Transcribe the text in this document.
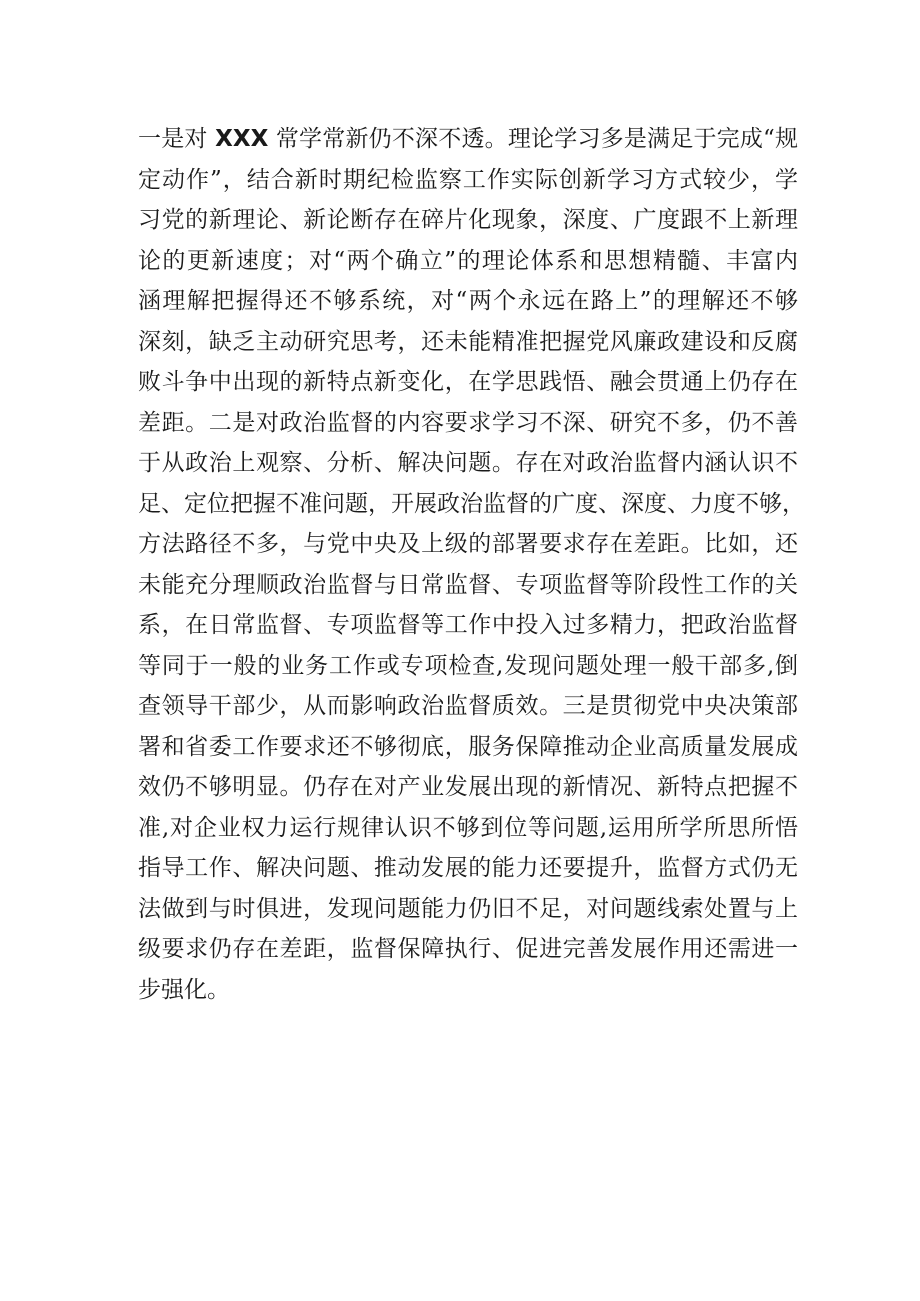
一是对 XXX 常学常新仍不深不透。理论学习多是满足于完成“规
定动作”，结合新时期纪检监察工作实际创新学习方式较少，学
习党的新理论、新论断存在碎片化现象，深度、广度跟不上新理
论的更新速度；对“两个确立”的理论体系和思想精髓、丰富内
涵理解把握得还不够系统，对“两个永远在路上”的理解还不够
深刻，缺乏主动研究思考，还未能精准把握党风廉政建设和反腐
败斗争中出现的新特点新变化，在学思践悟、融会贯通上仍存在
差距。二是对政治监督的内容要求学习不深、研究不多，仍不善
于从政治上观察、分析、解决问题。存在对政治监督内涵认识不
足、定位把握不准问题，开展政治监督的广度、深度、力度不够，
方法路径不多，与党中央及上级的部署要求存在差距。比如，还
未能充分理顺政治监督与日常监督、专项监督等阶段性工作的关
系，在日常监督、专项监督等工作中投入过多精力，把政治监督
等同于一般的业务工作或专项检查,发现问题处理一般干部多,倒
查领导干部少，从而影响政治监督质效。三是贯彻党中央决策部
署和省委工作要求还不够彻底，服务保障推动企业高质量发展成
效仍不够明显。仍存在对产业发展出现的新情况、新特点把握不
准,对企业权力运行规律认识不够到位等问题,运用所学所思所悟
指导工作、解决问题、推动发展的能力还要提升，监督方式仍无
法做到与时俱进，发现问题能力仍旧不足，对问题线索处置与上
级要求仍存在差距，监督保障执行、促进完善发展作用还需进一
步强化。
